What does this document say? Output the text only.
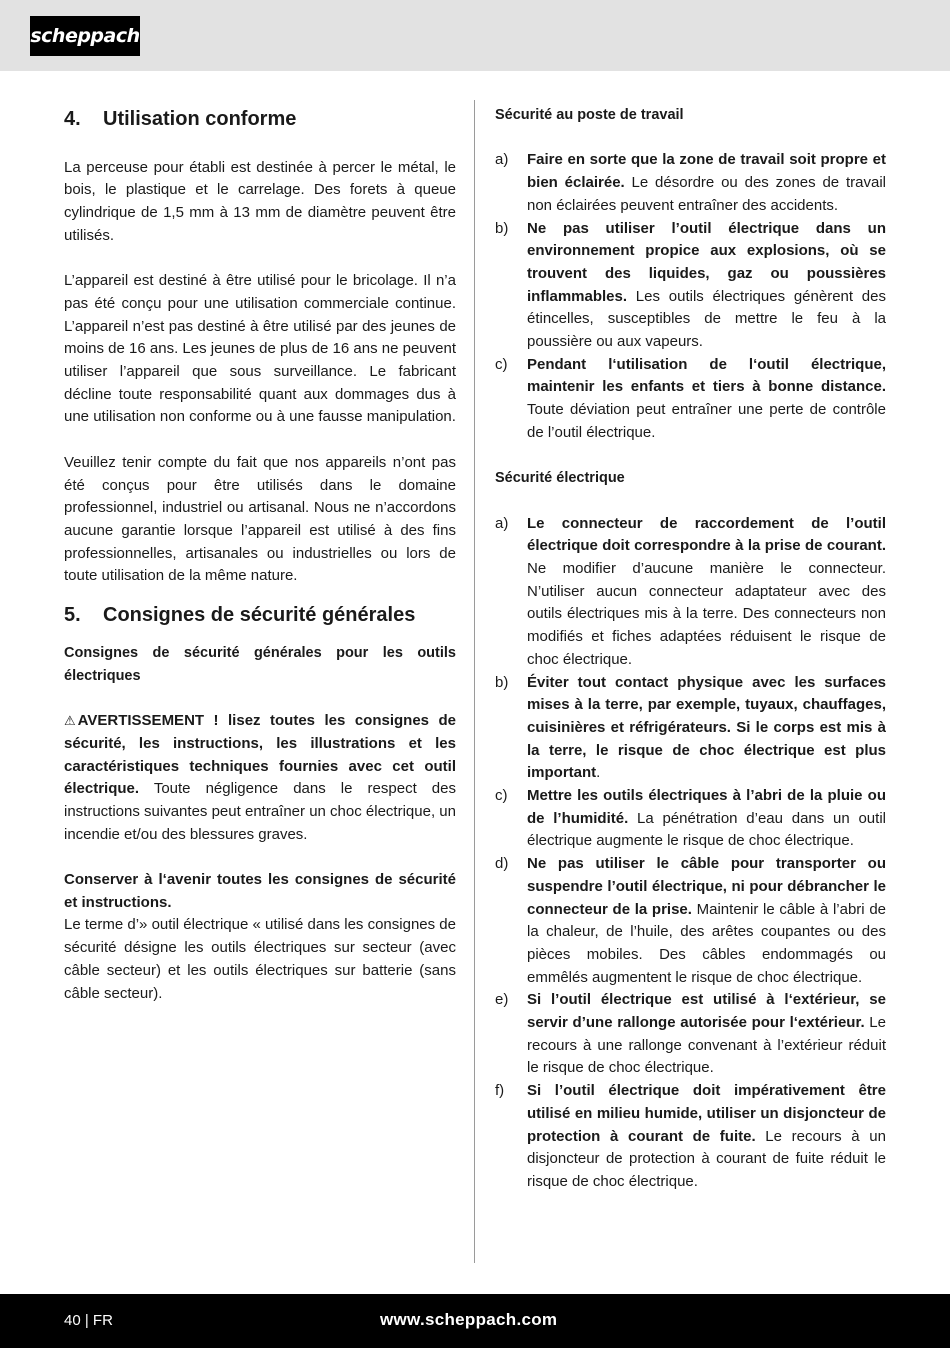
scheppach
4.	Utilisation conforme

La perceuse pour établi est destinée à percer le métal, le bois, le plastique et le carrelage. Des forets à queue cylindrique de 1,5 mm à 13 mm de diamètre peuvent être utilisés.

L’appareil est destiné à être utilisé pour le bricolage. Il n’a pas été conçu pour une utilisation commerciale continue. L’appareil n’est pas destiné à être utilisé par des jeunes de moins de 16 ans. Les jeunes de plus de 16 ans ne peuvent utiliser l’appareil que sous surveillance. Le fabricant décline toute responsabilité quant aux dommages dus à une utilisation non conforme ou à une fausse manipulation.

Veuillez tenir compte du fait que nos appareils n’ont pas été conçus pour être utilisés dans le domaine professionnel, industriel ou artisanal. Nous ne n’accordons aucune garantie lorsque l’appareil est utilisé à des fins professionnelles, artisanales ou industrielles ou lors de toute utilisation de la même nature.

5.	Consignes de sécurité générales

Consignes de sécurité générales pour les outils électriques

⚠ AVERTISSEMENT ! lisez toutes les consignes de sécurité, les instructions, les illustrations et les caractéristiques techniques fournies avec cet outil électrique. Toute négligence dans le respect des instructions suivantes peut entraîner un choc électrique, un incendie et/ou des blessures graves.

Conserver à l‘avenir toutes les consignes de sécurité et instructions.

Le terme d’» outil électrique « utilisé dans les consignes de sécurité désigne les outils électriques sur secteur (avec câble secteur) et les outils électriques sur batterie (sans câble secteur).

Sécurité au poste de travail

a)	Faire en sorte que la zone de travail soit propre et bien éclairée. Le désordre ou des zones de travail non éclairées peuvent entraîner des accidents.
b)	Ne pas utiliser l’outil électrique dans un environnement propice aux explosions, où se trouvent des liquides, gaz ou poussières inflammables. Les outils électriques génèrent des étincelles, susceptibles de mettre le feu à la poussière ou aux vapeurs.
c)	Pendant l‘utilisation de l‘outil électrique, maintenir les enfants et tiers à bonne distance. Toute déviation peut entraîner une perte de contrôle de l’outil électrique.

Sécurité électrique

a)	Le connecteur de raccordement de l’outil électrique doit correspondre à la prise de courant. Ne modifier d’aucune manière le connecteur. N’utiliser aucun connecteur adaptateur avec des outils électriques mis à la terre. Des connecteurs non modifiés et fiches adaptées réduisent le risque de choc électrique.
b)	Éviter tout contact physique avec les surfaces mises à la terre, par exemple, tuyaux, chauffages, cuisinières et réfrigérateurs. Si le corps est mis à la terre, le risque de choc électrique est plus important.
c)	Mettre les outils électriques à l’abri de la pluie ou de l’humidité. La pénétration d’eau dans un outil électrique augmente le risque de choc électrique.
d)	Ne pas utiliser le câble pour transporter ou suspendre l’outil électrique, ni pour débrancher le connecteur de la prise. Maintenir le câble à l’abri de la chaleur, de l’huile, des arêtes coupantes ou des pièces mobiles. Des câbles endommagés ou emmêlés augmentent le risque de choc électrique.
e)	Si l’outil électrique est utilisé à l‘extérieur, se servir d’une rallonge autorisée pour l‘extérieur. Le recours à une rallonge convenant à l’extérieur réduit le risque de choc électrique.
f)	Si l’outil électrique doit impérativement être utilisé en milieu humide, utiliser un disjoncteur de protection à courant de fuite. Le recours à un disjoncteur de protection à courant de fuite réduit le risque de choc électrique.
40 | FR	www.scheppach.com
